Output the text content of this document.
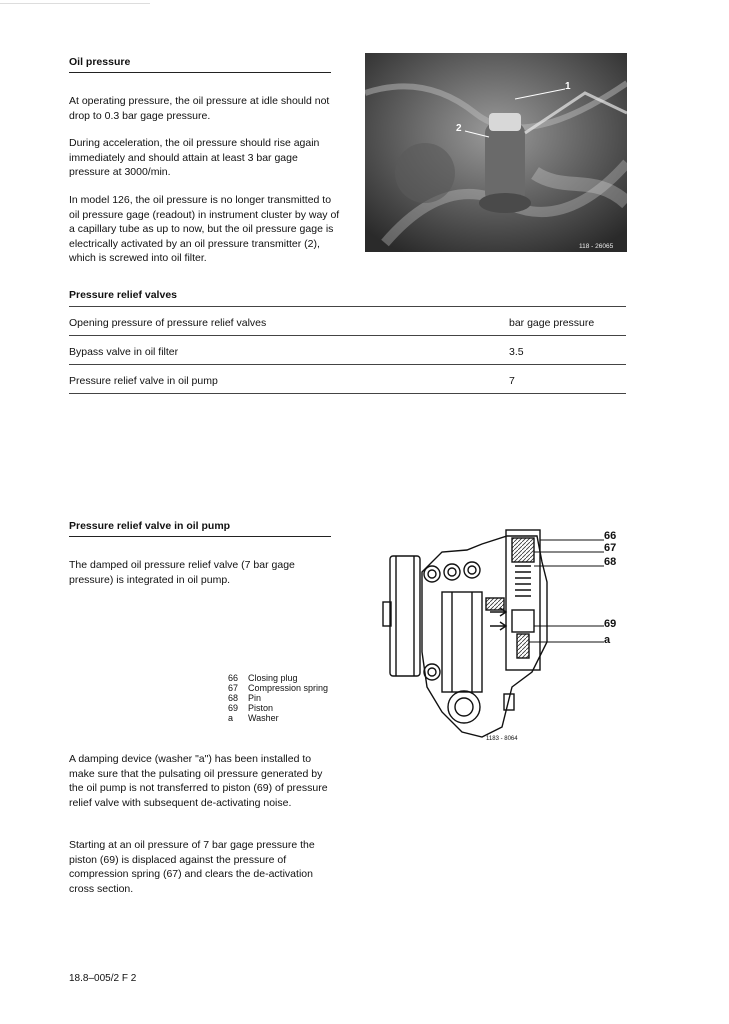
Oil pressure

At operating pressure, the oil pressure at idle should not drop to 0.3 bar gage pressure.

During acceleration, the oil pressure should rise again immediately and should attain at least 3 bar gage pressure at 3000/min.

In model 126, the oil pressure is no longer transmitted to oil pressure gage (readout) in instrument cluster by way of a capillary tube as up to now, but the oil pressure gage is electrically activated by an oil pressure transmitter (2), which is screwed into oil filter.

1
2
118 - 26065
Pressure relief valves
Opening pressure of pressure relief valves	bar gage pressure
Bypass valve in oil filter	3.5
Pressure relief valve in oil pump	7
Pressure relief valve in oil pump

The damped oil pressure relief valve (7 bar gage pressure) is integrated in oil pump.

66	Closing plug
67	Compression spring
68	Pin
69	Piston
a	Washer

A damping device (washer "a") has been installed to make sure that the pulsating oil pressure generated by the oil pump is not transferred to piston (69) of pressure relief valve with subsequent de-activating noise.

Starting at an oil pressure of 7 bar gage pressure the piston (69) is displaced against the pressure of compression spring (67) and clears the de-activation cross section.

66
67
68
69
a
1183 - 8064
18.8–005/2 F 2
